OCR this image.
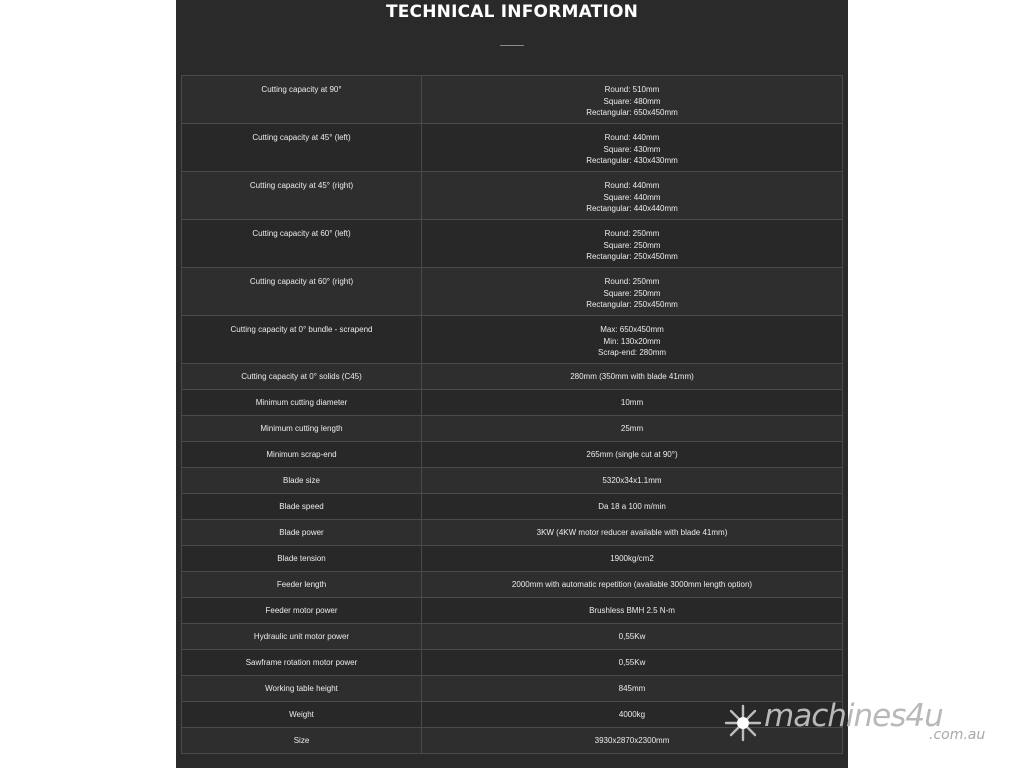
TECHNICAL INFORMATION
Cutting capacity at 90°	Round: 510mm
Square: 480mm
Rectangular: 650x450mm

Cutting capacity at 45° (left)	Round: 440mm
Square: 430mm
Rectangular: 430x430mm

Cutting capacity at 45° (right)	Round: 440mm
Square: 440mm
Rectangular: 440x440mm

Cutting capacity at 60° (left)	Round: 250mm
Square: 250mm
Rectangular: 250x450mm

Cutting capacity at 60° (right)	Round: 250mm
Square: 250mm
Rectangular: 250x450mm

Cutting capacity at 0° bundle - scrapend	Max: 650x450mm
Min: 130x20mm
Scrap-end: 280mm

Cutting capacity at 0° solids (C45)	280mm (350mm with blade 41mm)

Minimum cutting diameter	10mm

Minimum cutting length	25mm

Minimum scrap-end	265mm (single cut at 90°)

Blade size	5320x34x1.1mm

Blade speed	Da 18 a 100 m/min

Blade power	3KW (4KW motor reducer available with blade 41mm)

Blade tension	1900kg/cm2

Feeder length	2000mm with automatic repetition (available 3000mm length option)

Feeder motor power	Brushless BMH 2.5 N-m

Hydraulic unit motor power	0,55Kw

Sawframe rotation motor power	0,55Kw

Working table height	845mm

Weight	4000kg

Size	3930x2870x2300mm
machines4u
.com.au
